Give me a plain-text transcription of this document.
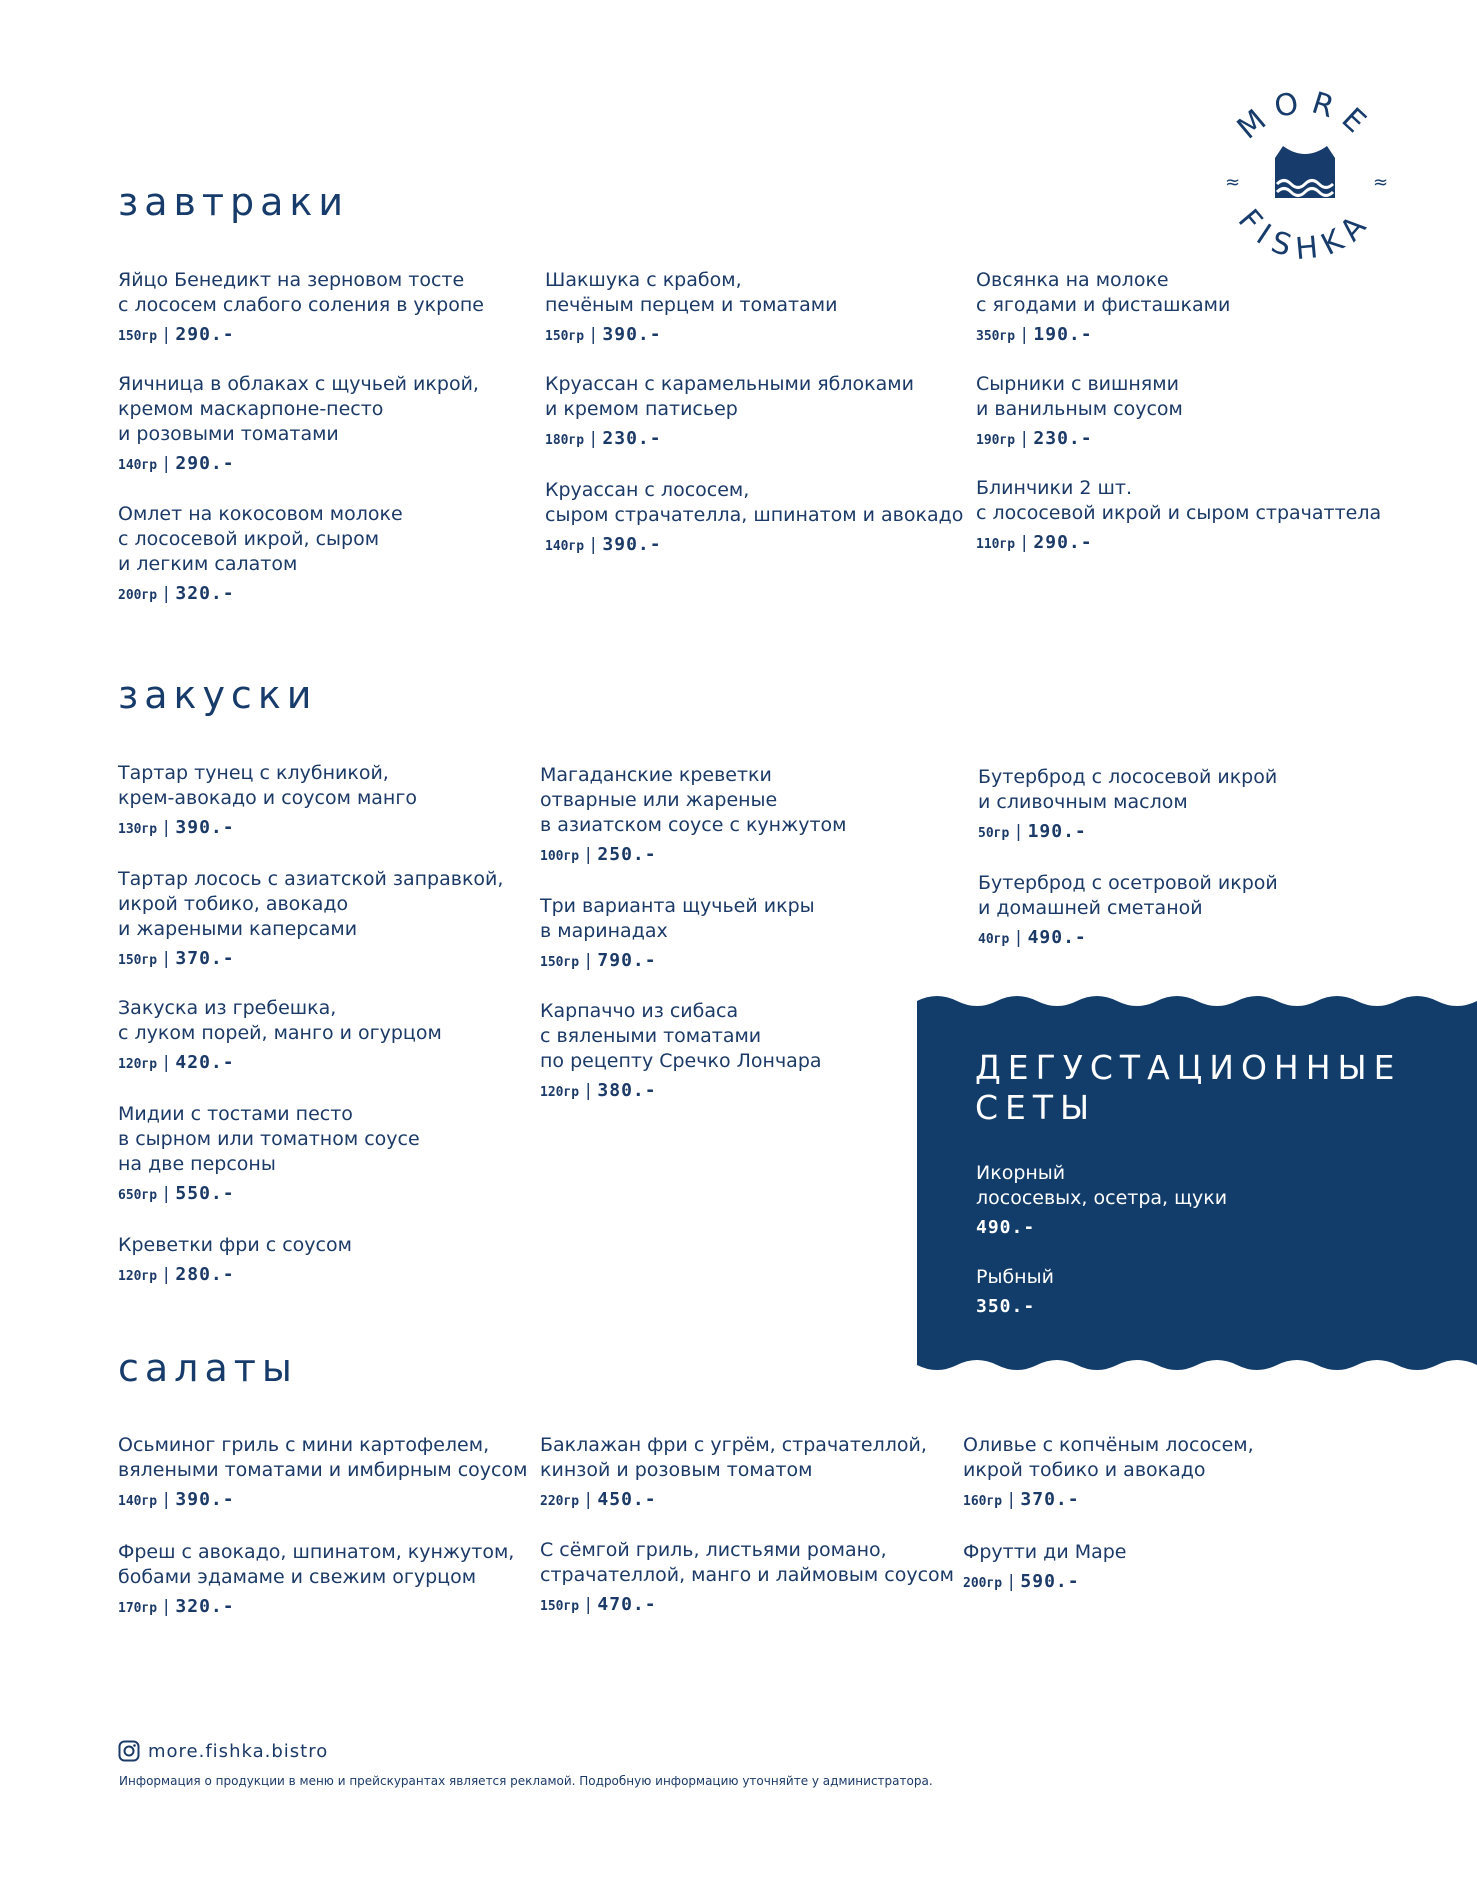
MORE
FISHKA
≈	≈
завтраки
Яйцо Бенедикт на зерновом тосте
с лососем слабого соления в укропе
150гр | 290.-
Яичница в облаках с щучьей икрой,
кремом маскарпоне-песто
и розовыми томатами
140гр | 290.-
Омлет на кокосовом молоке
с лососевой икрой, сыром
и легким салатом
200гр | 320.-
Шакшука с крабом,
печёным перцем и томатами
150гр | 390.-
Круассан с карамельными яблоками
и кремом патисьер
180гр | 230.-
Круассан с лососем,
сыром страчателла, шпинатом и авокадо
140гр | 390.-
Овсянка на молоке
с ягодами и фисташками
350гр | 190.-
Сырники с вишнями
и ванильным соусом
190гр | 230.-
Блинчики 2 шт.
с лососевой икрой и сыром страчаттела
110гр | 290.-
закуски
Тартар тунец с клубникой,
крем-авокадо и соусом манго
130гр | 390.-
Тартар лосось с азиатской заправкой,
икрой тобико, авокадо
и жареными каперсами
150гр | 370.-
Закуска из гребешка,
с луком порей, манго и огурцом
120гр | 420.-
Мидии с тостами песто
в сырном или томатном соусе
на две персоны
650гр | 550.-
Креветки фри с соусом
120гр | 280.-
Магаданские креветки
отварные или жареные
в азиатском соусе с кунжутом
100гр | 250.-
Три варианта щучьей икры
в маринадах
150гр | 790.-
Карпаччо из сибаса
с вялеными томатами
по рецепту Сречко Лончара
120гр | 380.-
Бутерброд с лососевой икрой
и сливочным маслом
50гр | 190.-
Бутерброд с осетровой икрой
и домашней сметаной
40гр | 490.-
ДЕГУСТАЦИОННЫЕ
СЕТЫ
Икорный
лососевых, осетра, щуки
490.-
Рыбный
350.-
салаты
Осьминог гриль с мини картофелем,
вялеными томатами и имбирным соусом
140гр | 390.-
Фреш с авокадо, шпинатом, кунжутом,
бобами эдамаме и свежим огурцом
170гр | 320.-
Баклажан фри с угрём, страчателлой,
кинзой и розовым томатом
220гр | 450.-
С сёмгой гриль, листьями романо,
страчателлой, манго и лаймовым соусом
150гр | 470.-
Оливье с копчёным лососем,
икрой тобико и авокадо
160гр | 370.-
Фрутти ди Маре
200гр | 590.-
more.fishka.bistro
Информация о продукции в меню и прейскурантах является рекламой. Подробную информацию уточняйте у администратора.
